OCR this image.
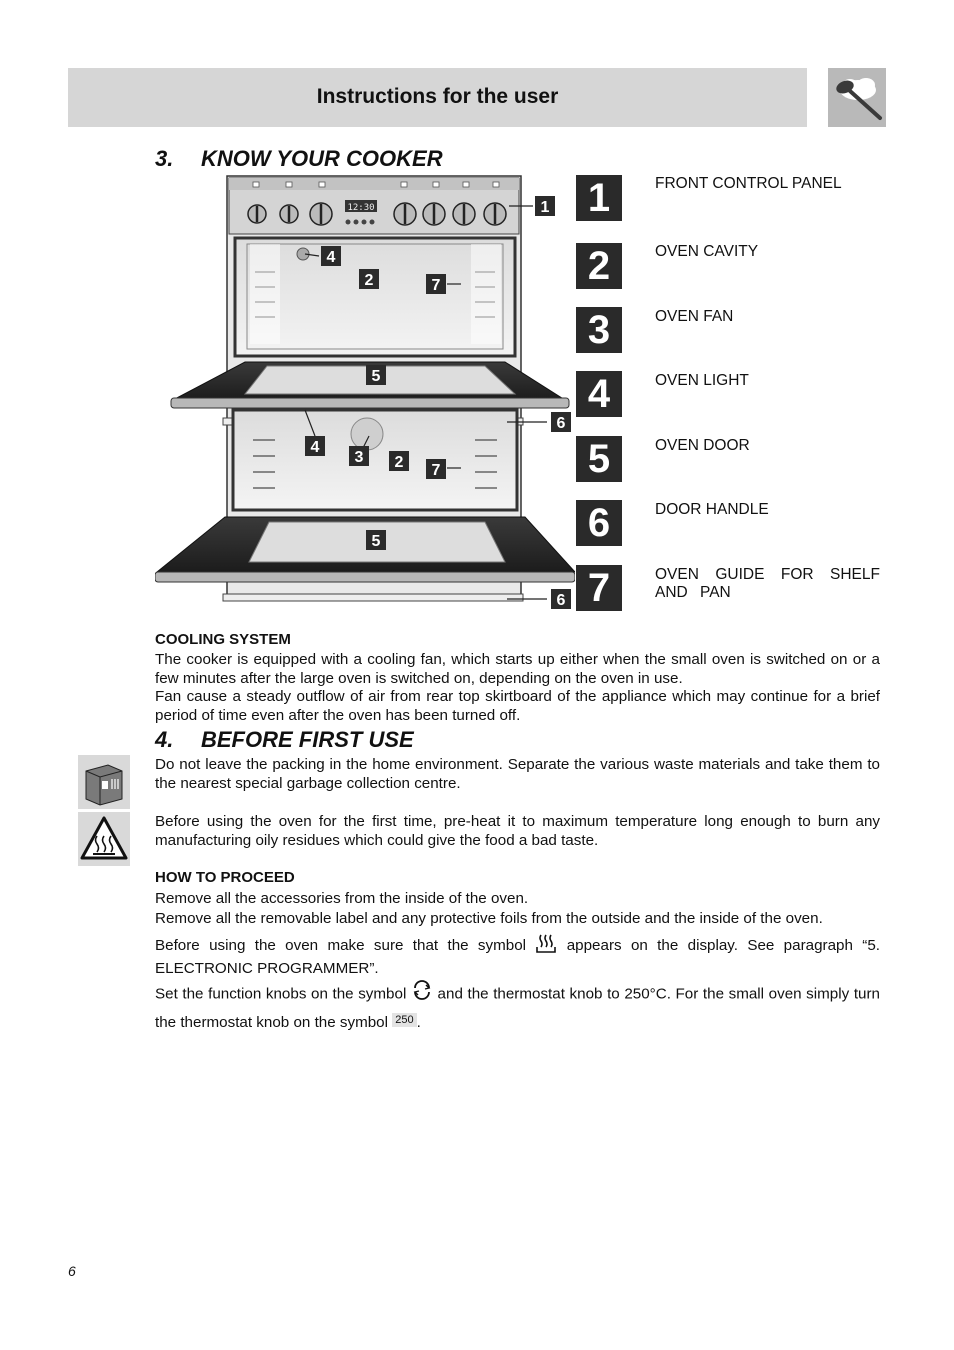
Instructions for the user
3. KNOW YOUR COOKER
12:30	1
4
2	7
5
6
4
3 2 7
5
6
1	FRONT CONTROL PANEL
2	OVEN CAVITY
3	OVEN FAN
4	OVEN LIGHT
5	OVEN DOOR
6	DOOR HANDLE
7	OVEN GUIDE FOR SHELF AND PAN
COOLING SYSTEM
The cooker is equipped with a cooling fan, which starts up either when the small oven is switched on or a few minutes after the large oven is switched on, depending on the oven in use.
Fan cause a steady outflow of air from rear top skirtboard of the appliance which may continue for a brief period of time even after the oven has been turned off.
4. BEFORE FIRST USE
Do not leave the packing in the home environment. Separate the various waste materials and take them to the nearest special garbage collection centre.
Before using the oven for the first time, pre-heat it to maximum temperature long enough to burn any manufacturing oily residues which could give the food a bad taste.
HOW TO PROCEED
Remove all the accessories from the inside of the oven.
Remove all the removable label and any protective foils from the outside and the inside of the oven.
Before using the oven make sure that the symbol	appears on the display. See paragraph “5. ELECTRONIC PROGRAMMER”.
Set the function knobs on the symbol and the thermostat knob to 250°C. For the small oven simply turn the thermostat knob on the symbol 250 .
6
